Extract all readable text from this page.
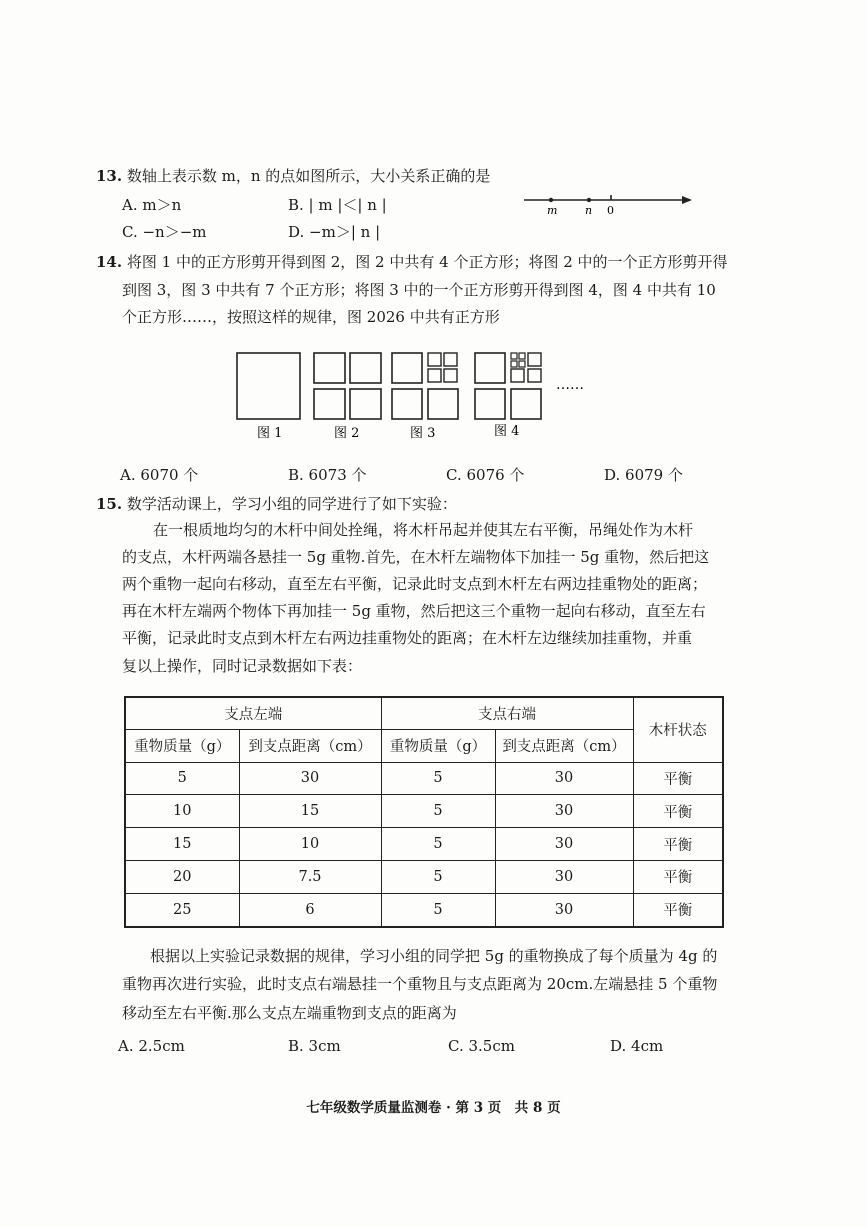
13. 数轴上表示数 m，n 的点如图所示，大小关系正确的是
A. m＞n	B. | m |＜| n |
C. −n＞−m	D. −m＞| n |
m	n 0
14. 将图 1 中的正方形剪开得到图 2，图 2 中共有 4 个正方形；将图 2 中的一个正方形剪开得
到图 3，图 3 中共有 7 个正方形；将图 3 中的一个正方形剪开得到图 4，图 4 中共有 10
个正方形……，按照这样的规律，图 2026 中共有正方形
……
图 1	图 2	图 3	图 4
A. 6070 个	B. 6073 个	C. 6076 个	D. 6079 个
15. 数学活动课上，学习小组的同学进行了如下实验：
在一根质地均匀的木杆中间处拴绳，将木杆吊起并使其左右平衡，吊绳处作为木杆
的支点，木杆两端各悬挂一 5g 重物.首先，在木杆左端物体下加挂一 5g 重物，然后把这
两个重物一起向右移动，直至左右平衡，记录此时支点到木杆左右两边挂重物处的距离；
再在木杆左端两个物体下再加挂一 5g 重物，然后把这三个重物一起向右移动，直至左右
平衡，记录此时支点到木杆左右两边挂重物处的距离；在木杆左边继续加挂重物，并重
复以上操作，同时记录数据如下表：
支点左端		支点右端		木杆状态
重物质量（g）	到支点距离（cm）	重物质量（g）	到支点距离（cm）	
5	30	5	30	平衡
10	15	5	30	平衡
15	10	5	30	平衡
20	7.5	5	30	平衡
25	6	5	30	平衡
根据以上实验记录数据的规律，学习小组的同学把 5g 的重物换成了每个质量为 4g 的
重物再次进行实验，此时支点右端悬挂一个重物且与支点距离为 20cm.左端悬挂 5 个重物
移动至左右平衡.那么支点左端重物到支点的距离为
A. 2.5cm	B. 3cm	C. 3.5cm	D. 4cm
七年级数学质量监测卷 · 第 3 页　共 8 页
